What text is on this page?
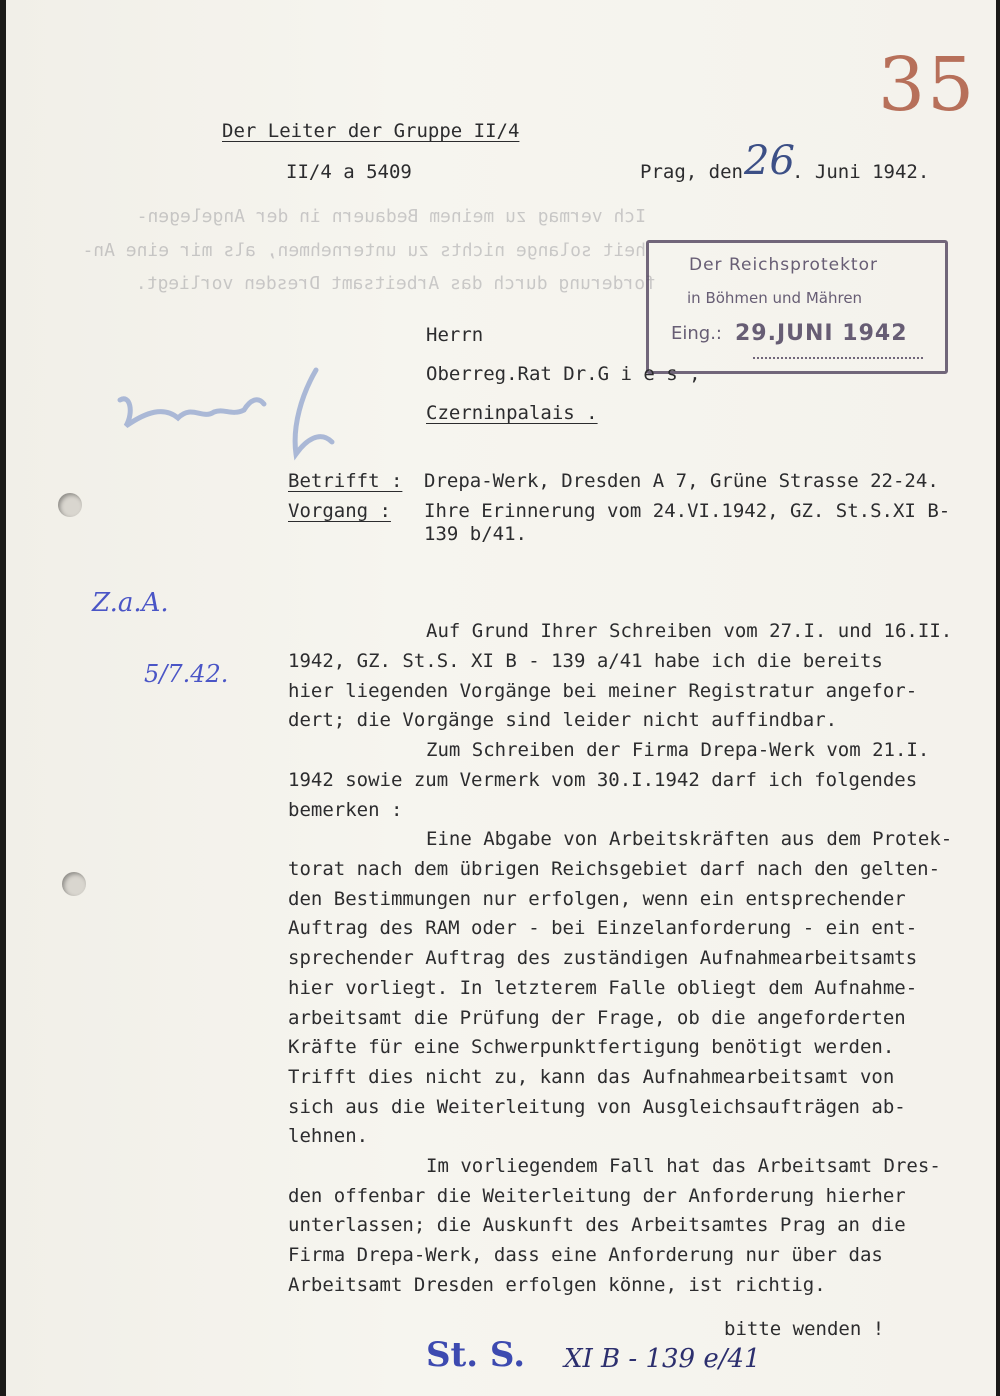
Ich vermag zu meinem Bedauern in der Angelegen-
heit solange nichts zu unternehmen, als mir eine An-
forderung durch das Arbeitsamt Dresden vorliegt.
35
Der Leiter der Gruppe II/4
II/4 a 5409	Prag, den 26
. Juni 1942.
Der Reichsprotektor
in Böhmen und Mähren
Eing.: 29.JUNI 1942
Herrn
Oberreg.Rat Dr.G i e s ,
Czerninpalais .
Betrifft : Drepa-Werk, Dresden A 7, Grüne Strasse 22-24.
Vorgang : Ihre Erinnerung vom 24.VI.1942, GZ. St.S.XI B-
139 b/41.
Z.a.A.
5/7.42.
Auf Grund Ihrer Schreiben vom 27.I. und 16.II.
1942, GZ. St.S. XI B - 139 a/41 habe ich die bereits
hier liegenden Vorgänge bei meiner Registratur angefor-
dert; die Vorgänge sind leider nicht auffindbar.
Zum Schreiben der Firma Drepa-Werk vom 21.I.
1942 sowie zum Vermerk vom 30.I.1942 darf ich folgendes
bemerken :
Eine Abgabe von Arbeitskräften aus dem Protek-
torat nach dem übrigen Reichsgebiet darf nach den gelten-
den Bestimmungen nur erfolgen, wenn ein entsprechender
Auftrag des RAM oder - bei Einzelanforderung - ein ent-
sprechender Auftrag des zuständigen Aufnahmearbeitsamts
hier vorliegt. In letzterem Falle obliegt dem Aufnahme-
arbeitsamt die Prüfung der Frage, ob die angeforderten
Kräfte für eine Schwerpunktfertigung benötigt werden.
Trifft dies nicht zu, kann das Aufnahmearbeitsamt von
sich aus die Weiterleitung von Ausgleichsaufträgen ab-
lehnen.
Im vorliegendem Fall hat das Arbeitsamt Dres-
den offenbar die Weiterleitung der Anforderung hierher
unterlassen; die Auskunft des Arbeitsamtes Prag an die
Firma Drepa-Werk, dass eine Anforderung nur über das
Arbeitsamt Dresden erfolgen könne, ist richtig.
bitte wenden !
St. S. XI B - 139 e/41
